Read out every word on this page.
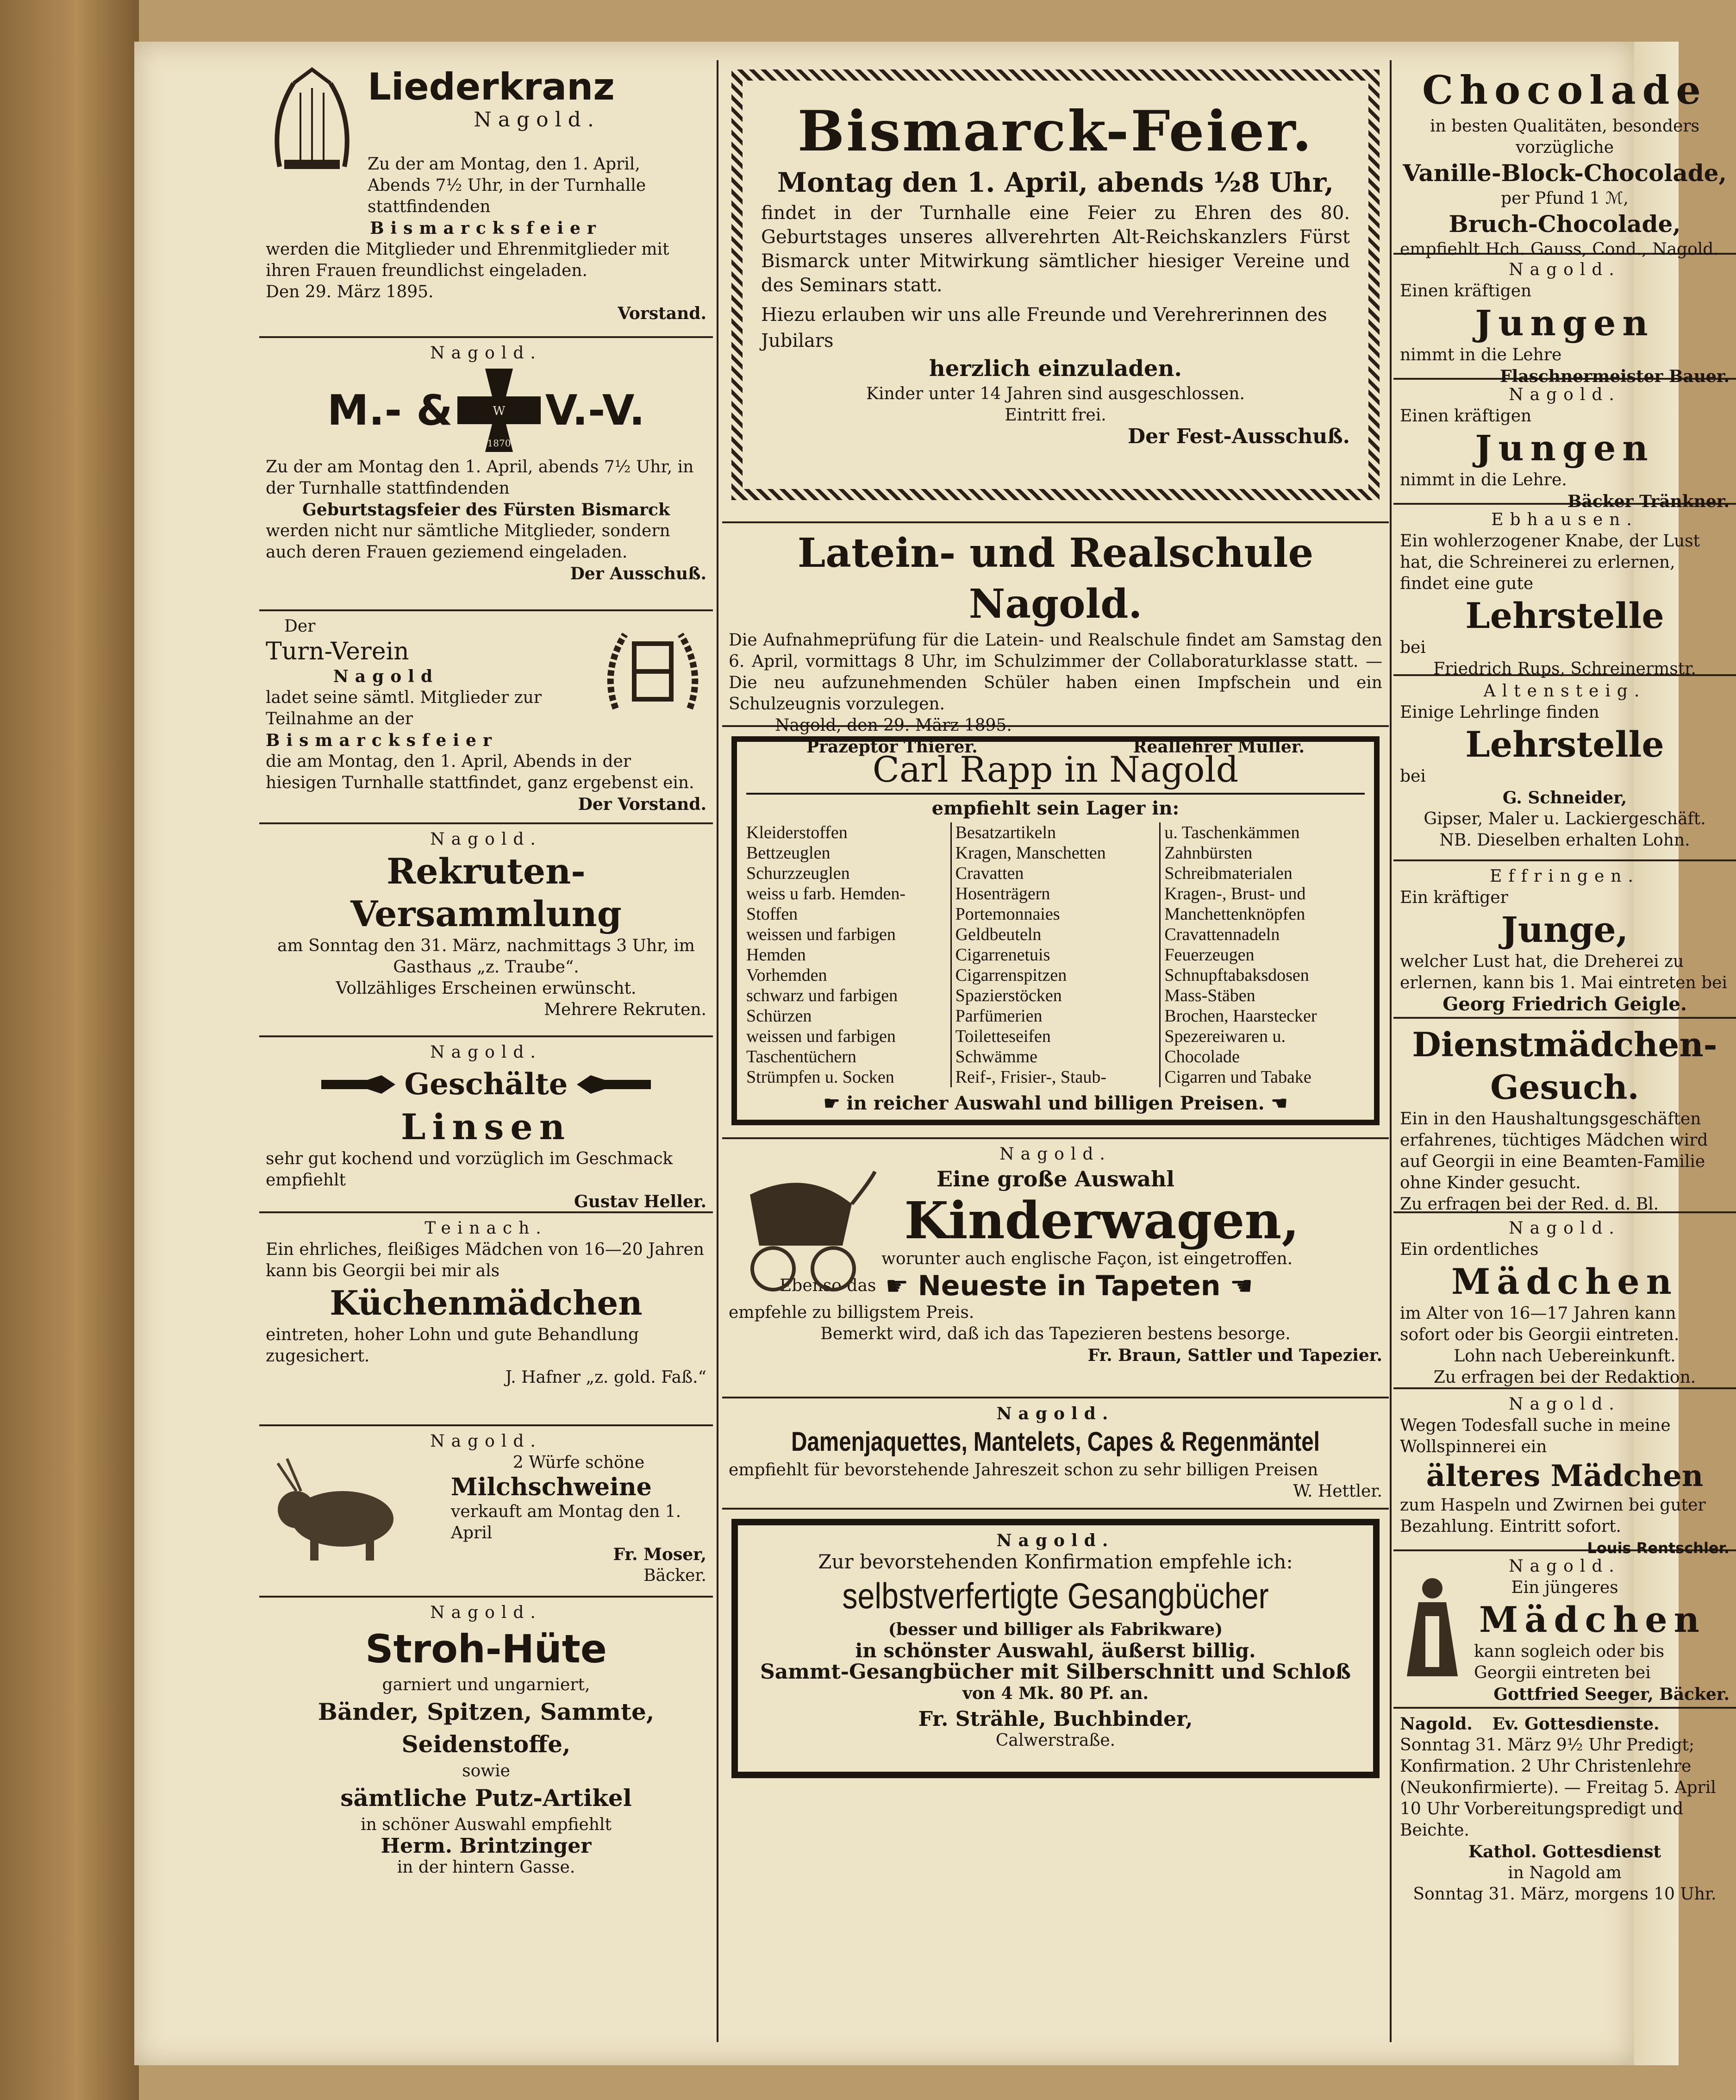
Liederkranz
Nagold.
Zu der am Montag, den 1. April, Abends 7½ Uhr, in der Turnhalle stattfindenden
Bismarcksfeier
werden die Mitglieder und Ehrenmitglieder mit ihren Frauen freundlichst eingeladen.
Den 29. März 1895.
Vorstand.
Nagold.
M.- &	W
1870
V.-V.
Zu der am Montag den 1. April, abends 7½ Uhr, in der Turnhalle stattfindenden
Geburtstagsfeier des Fürsten Bismarck
werden nicht nur sämtliche Mitglieder, sondern auch deren Frauen geziemend eingeladen.
Der Ausschuß.
Der
Turn-Verein
Nagold
ladet seine sämtl. Mitglieder zur Teilnahme an der
Bismarcksfeier
die am Montag, den 1. April, Abends in der hiesigen Turnhalle stattfindet, ganz ergebenst ein.
Der Vorstand.
Nagold.
Rekruten-
Versammlung
am Sonntag den 31. März, nachmittags 3 Uhr, im Gasthaus „z. Traube“.
Vollzähliges Erscheinen erwünscht.
Mehrere Rekruten.
Nagold.
Geschälte
Linsen
sehr gut kochend und vorzüglich im Geschmack empfiehlt
Gustav Heller.
Teinach.
Ein ehrliches, fleißiges Mädchen von 16—20 Jahren kann bis Georgii bei mir als
Küchenmädchen
eintreten, hoher Lohn und gute Behandlung zugesichert.
J. Hafner „z. gold. Faß.“
Nagold.
2 Würfe schöne
Milchschweine
verkauft am Montag den 1. April
Fr. Moser,
Bäcker.
Nagold.
Stroh-Hüte
garniert und ungarniert,
Bänder, Spitzen, Sammte, Seidenstoffe,
sowie
sämtliche Putz-Artikel
in schöner Auswahl empfiehlt
Herm. Brintzinger
in der hintern Gasse.
Bismarck-Feier.
Montag den 1. April, abends ½8 Uhr,
findet in der Turnhalle eine Feier zu Ehren des 80. Geburtstages unseres allverehrten Alt-Reichskanzlers Fürst Bismarck unter Mitwirkung sämtlicher hiesiger Vereine und des Seminars statt.
Hiezu erlauben wir uns alle Freunde und Verehrerinnen des Jubilars
herzlich einzuladen.
Kinder unter 14 Jahren sind ausgeschlossen.
Eintritt frei.
Der Fest-Ausschuß.
Latein- und Realschule Nagold.
Die Aufnahmeprüfung für die Latein- und Realschule findet am Samstag den 6. April, vormittags 8 Uhr, im Schulzimmer der Collaboraturklasse statt. — Die neu aufzunehmenden Schüler haben einen Impfschein und ein Schulzeugnis vorzulegen.
Nagold, den 29. März 1895.
Präzeptor Thierer.	Reallehrer Müller.
Carl Rapp in Nagold
empfiehlt sein Lager in:
Kleiderstoffen
Bettzeuglen
Schurzzeuglen
weiss u farb. Hemden-
Stoffen
weissen und farbigen
Hemden
Vorhemden
schwarz und farbigen
Schürzen
weissen und farbigen
Taschentüchern
Strümpfen u. Socken
Besatzartikeln
Kragen, Manschetten
Cravatten
Hosenträgern
Portemonnaies
Geldbeuteln
Cigarrenetuis
Cigarrenspitzen
Spazierstöcken
Parfümerien
Toiletteseifen
Schwämme
Reif-, Frisier-, Staub-
u. Taschenkämmen
Zahnbürsten
Schreibmaterialen
Kragen-, Brust- und
Manchettenknöpfen
Cravattennadeln
Feuerzeugen
Schnupftabaksdosen
Mass-Stäben
Brochen, Haarstecker
Spezereiwaren u.
Chocolade
Cigarren und Tabake
☛ in reicher Auswahl und billigen Preisen. ☚
Nagold.
Eine große Auswahl
Kinderwagen,
worunter auch englische Façon, ist eingetroffen.
Ebenso das ☛ Neueste in Tapeten ☚
empfehle zu billigstem Preis.
Bemerkt wird, daß ich das Tapezieren bestens besorge.
Fr. Braun, Sattler und Tapezier.
Nagold.
Damenjaquettes, Mantelets, Capes & Regenmäntel
empfiehlt für bevorstehende Jahreszeit schon zu sehr billigen Preisen
W. Hettler.
Nagold.
Zur bevorstehenden Konfirmation empfehle ich:
selbstverfertigte Gesangbücher
(besser und billiger als Fabrikware)
in schönster Auswahl, äußerst billig.
Sammt-Gesangbücher mit Silberschnitt und Schloß
von 4 Mk. 80 Pf. an.
Fr. Strähle, Buchbinder,
Calwerstraße.
Chocolade
in besten Qualitäten, besonders vorzügliche
Vanille-Block-Chocolade,
per Pfund 1 ℳ,
Bruch-Chocolade,
empfiehlt Hch. Gauss, Cond., Nagold.
Nagold.
Einen kräftigen
Jungen
nimmt in die Lehre
Flaschnermeister Bauer.
Nagold.
Einen kräftigen
Jungen
nimmt in die Lehre.
Bäcker Tränkner.
Ebhausen.
Ein wohlerzogener Knabe, der Lust hat, die Schreinerei zu erlernen, findet eine gute
Lehrstelle
bei
Friedrich Rups, Schreinermstr.
Altensteig.
Einige Lehrlinge finden
Lehrstelle
bei
G. Schneider,
Gipser, Maler u. Lackiergeschäft.
NB. Dieselben erhalten Lohn.
Effringen.
Ein kräftiger
Junge,
welcher Lust hat, die Dreherei zu erlernen, kann bis 1. Mai eintreten bei
Georg Friedrich Geigle.
Dienstmädchen-
Gesuch.
Ein in den Haushaltungsgeschäften erfahrenes, tüchtiges Mädchen wird auf Georgii in eine Beamten-Familie ohne Kinder gesucht.
Zu erfragen bei der Red. d. Bl.
Nagold.
Ein ordentliches
Mädchen
im Alter von 16—17 Jahren kann sofort oder bis Georgii eintreten.
Lohn nach Uebereinkunft.
Zu erfragen bei der Redaktion.
Nagold.
Wegen Todesfall suche in meine Wollspinnerei ein
älteres Mädchen
zum Haspeln und Zwirnen bei guter Bezahlung. Eintritt sofort.
Louis Rentschler.
Nagold.
Ein jüngeres
Mädchen
kann sogleich oder bis Georgii eintreten bei
Gottfried Seeger, Bäcker.
Nagold. Ev. Gottesdienste.
Sonntag 31. März 9½ Uhr Predigt; Konfirmation. 2 Uhr Christenlehre (Neukonfirmierte). — Freitag 5. April 10 Uhr Vorbereitungspredigt und Beichte.
Kathol. Gottesdienst
in Nagold am
Sonntag 31. März, morgens 10 Uhr.
